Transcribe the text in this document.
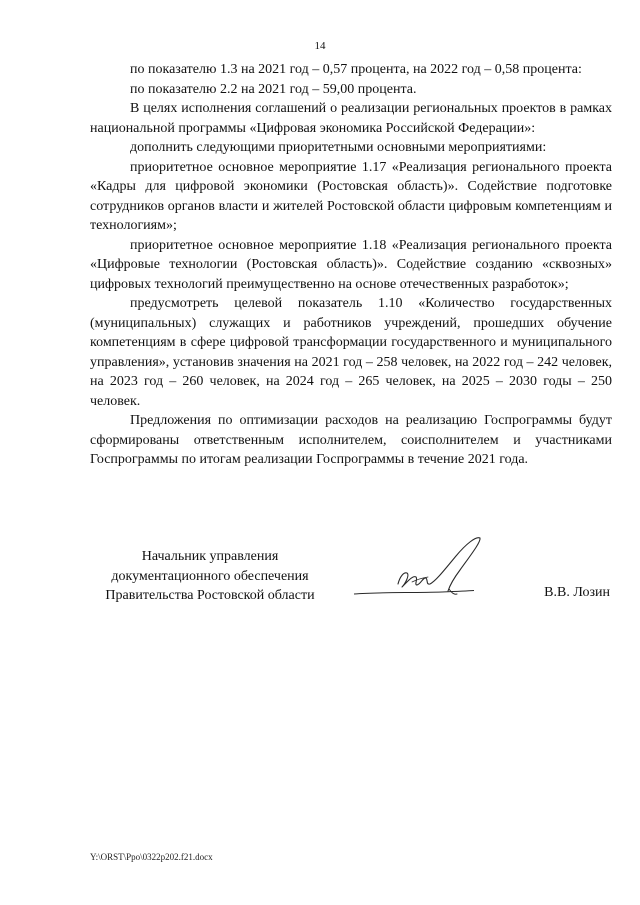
14

по показателю 1.3 на 2021 год – 0,57 процента, на 2022 год – 0,58 процента:

по показателю 2.2 на 2021 год – 59,00 процента.

В целях исполнения соглашений о реализации региональных проектов в рамках национальной программы «Цифровая экономика Российской Федерации»:

дополнить следующими приоритетными основными мероприятиями:

приоритетное основное мероприятие 1.17 «Реализация регионального проекта «Кадры для цифровой экономики (Ростовская область)». Содействие подготовке сотрудников органов власти и жителей Ростовской области цифровым компетенциям и технологиям»;

приоритетное основное мероприятие 1.18 «Реализация регионального проекта «Цифровые технологии (Ростовская область)». Содействие созданию «сквозных» цифровых технологий преимущественно на основе отечественных разработок»;

предусмотреть целевой показатель 1.10 «Количество государственных (муниципальных) служащих и работников учреждений, прошедших обучение компетенциям в сфере цифровой трансформации государственного и муниципального управления», установив значения на 2021 год – 258 человек, на 2022 год – 242 человек, на 2023 год – 260 человек, на 2024 год – 265 человек, на 2025 – 2030 годы – 250 человек.

Предложения по оптимизации расходов на реализацию Госпрограммы будут сформированы ответственным исполнителем, соисполнителем и участниками Госпрограммы по итогам реализации Госпрограммы в течение 2021 года.

Начальник управления
документационного обеспечения
Правительства Ростовской области	В.В. Лозин
Y:\ORST\Ppo\0322p202.f21.docx
